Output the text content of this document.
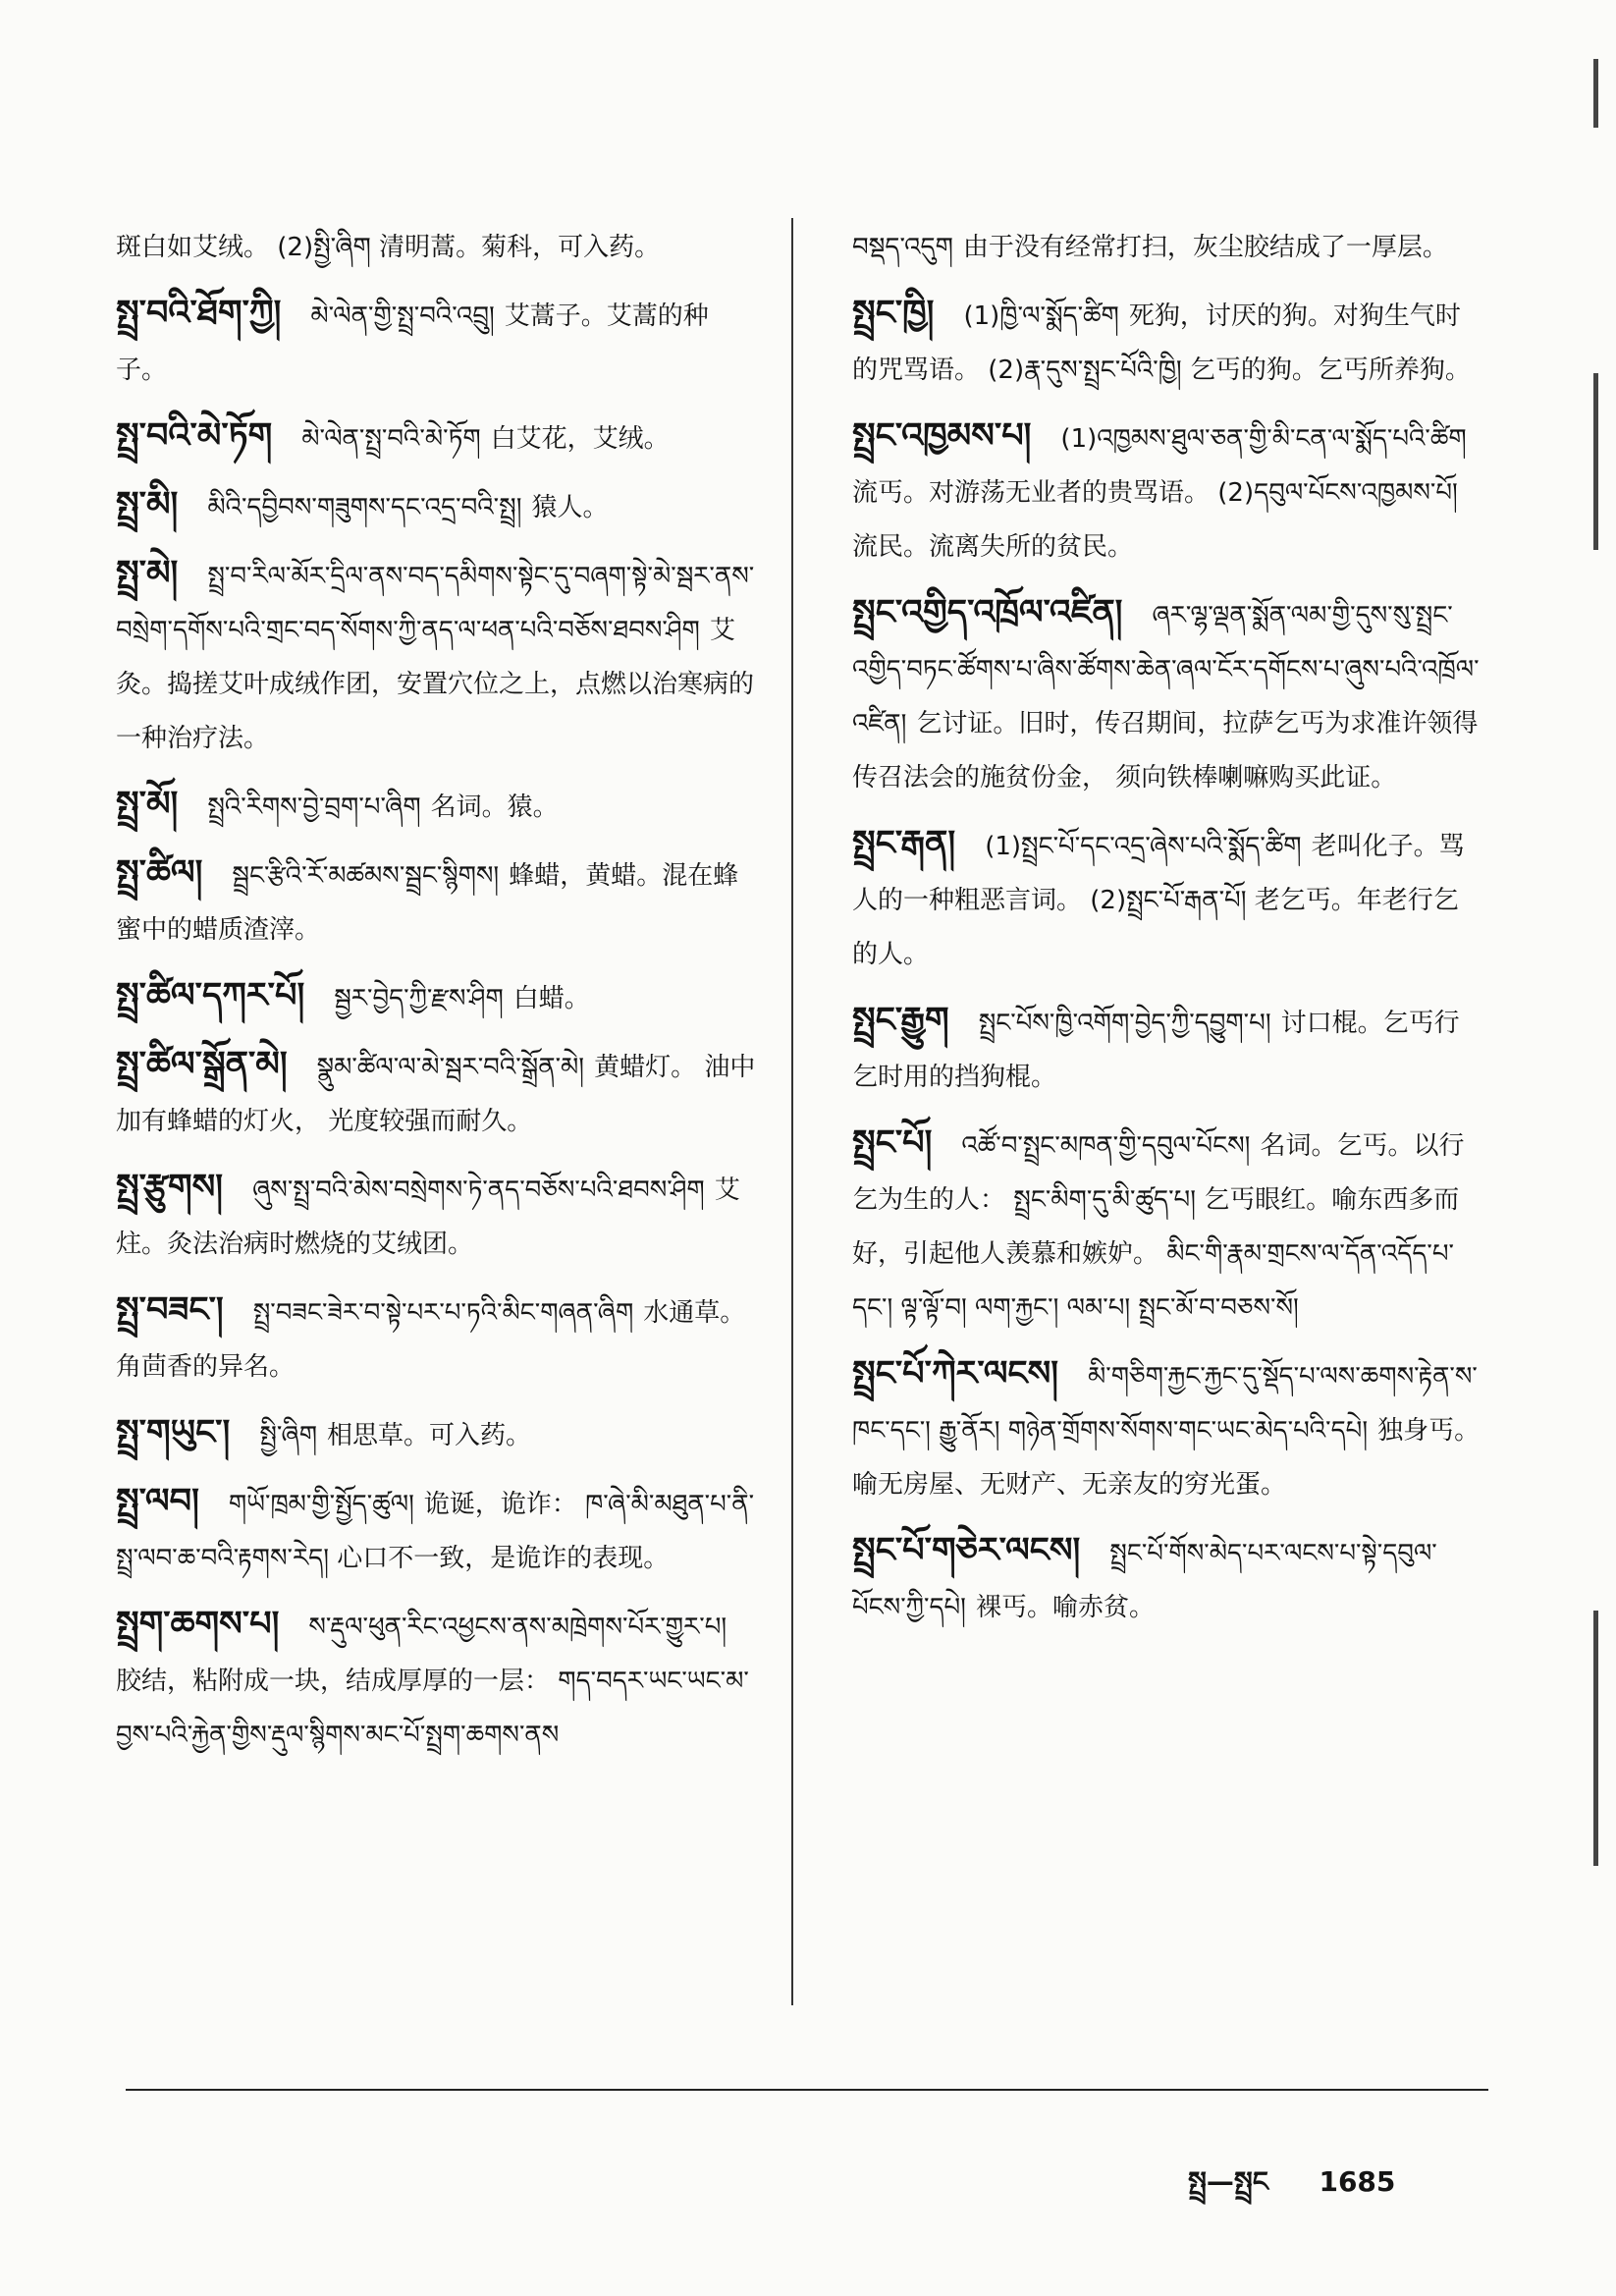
斑白如艾绒。 (2)སྤྱི་ཞིག 清明蒿。菊科，可入药。
སྤྲ་བའི་ཐོག་ཀྱི། མེ་ལེན་གྱི་སྤྲ་བའི་འབྲུ། 艾蒿子。艾蒿的种子。
སྤྲ་བའི་མེ་ཏོག མེ་ལེན་སྤྲ་བའི་མེ་ཏོག 白艾花，艾绒。
སྤྲ་མི། མིའི་དབྱིབས་གཟུགས་དང་འདྲ་བའི་སྤྲ། 猿人。
སྤྲ་མེ། སྤྲ་བ་རིལ་མོར་དྲིལ་ནས་བད་དམིགས་སྟེང་དུ་བཞག་སྟེ་མེ་སྦར་ནས་བསྲེག་དགོས་པའི་གྲང་བད་སོགས་ཀྱི་ནད་ལ་ཕན་པའི་བཅོས་ཐབས་ཤིག 艾灸。捣搓艾叶成绒作团，安置穴位之上，点燃以治寒病的一种治疗法。
སྤྲ་མོ། སྤྲའི་རིགས་བྱེ་བྲག་པ་ཞིག 名词。猿。
སྤྲ་ཚིལ། སྦྲང་རྩིའི་རོ་མཚམས་སྦྲང་སྙིགས། 蜂蜡，黄蜡。混在蜂蜜中的蜡质渣滓。
སྤྲ་ཚིལ་དཀར་པོ། སྦྱར་བྱེད་ཀྱི་རྫས་ཤིག 白蜡。
སྤྲ་ཚིལ་སྒྲོན་མེ། སྣུམ་ཚིལ་ལ་མེ་སྦར་བའི་སྒྲོན་མེ། 黄蜡灯。 油中加有蜂蜡的灯火， 光度较强而耐久。
སྤྲ་རྩུགས། ཞུས་སྤྲ་བའི་མེས་བསྲེགས་ཏེ་ནད་བཅོས་པའི་ཐབས་ཤིག 艾炷。灸法治病时燃烧的艾绒团。
སྤྲ་བཟང་། སྤྲ་བཟང་ཟེར་བ་སྟེ་པར་པ་ཏའི་མིང་གཞན་ཞིག 水通草。角茴香的异名。
སྤྲ་གཡུང་། སྤྱི་ཞིག 相思草。可入药。
སྤྲ་ལབ། གཡོ་ཁྲམ་གྱི་སྤྱོད་ཚུལ། 诡诞，诡诈： ཁ་ཞེ་མི་མཐུན་པ་ནི་སྤྲ་ལབ་ཆ་བའི་རྟགས་རེད། 心口不一致，是诡诈的表现。
སྤྲག་ཆགས་པ། ས་རྡུལ་ཕུན་རིང་འཕྱངས་ནས་མཁྲེགས་པོར་གྱུར་པ།胶结，粘附成一块，结成厚厚的一层： གད་བདར་ཡང་ཡང་མ་བྱས་པའི་རྐྱེན་གྱིས་རྡུལ་སྙིགས་མང་པོ་སྤྲག་ཆགས་ནས
བསྡད་འདུག 由于没有经常打扫，灰尘胶结成了一厚层。
སྤྲང་ཁྱི། (1)ཁྱི་ལ་སྨོད་ཚིག 死狗，讨厌的狗。对狗生气时的咒骂语。 (2)རྣ་དུས་སྤྲང་པོའི་ཁྱི། 乞丐的狗。乞丐所养狗。
སྤྲང་འཁྱམས་པ། (1)འཁྱམས་ཐུལ་ཅན་གྱི་མི་ངན་ལ་སྨོད་པའི་ཚིག流丐。对游荡无业者的贵骂语。 (2)དབུལ་པོངས་འཁྱམས་པོ། 流民。流离失所的贫民。
སྤྲང་འགྱིད་འཁྲོལ་འཛིན། ཞར་ལྷ་ལྡན་སྨོན་ལམ་གྱི་དུས་སུ་སྤྲང་འགྱིད་བཏང་ཚོགས་པ་ཞིས་ཚོགས་ཆེན་ཞལ་ངོར་དགོངས་པ་ཞུས་པའི་འཁྲོལ་འཛིན། 乞讨证。旧时，传召期间，拉萨乞丐为求准许领得传召法会的施贫份金， 须向铁棒喇嘛购买此证。
སྤྲང་རྒན། (1)སྤྲང་པོ་དང་འདྲ་ཞེས་པའི་སྨོད་ཚིག 老叫化子。骂人的一种粗恶言词。 (2)སྤྲང་པོ་རྒན་པོ། 老乞丐。年老行乞的人。
སྤྲང་རྒྱུག སྤྲང་པོས་ཁྱི་འགོག་བྱེད་ཀྱི་དབྱུག་པ། 讨口棍。乞丐行乞时用的挡狗棍。
སྤྲང་པོ། འཚོ་བ་སྤྲང་མཁན་གྱི་དབུལ་པོངས། 名词。乞丐。以行乞为生的人： སྤྲང་མིག་དུ་མི་ཚུད་པ། 乞丐眼红。喻东西多而好，引起他人羡慕和嫉妒。 མིང་གི་རྣམ་གྲངས་ལ་དོན་འདོད་པ་དང་། ལྟ་ལྟོ་བ། ལག་རྐྱང་། ལམ་པ། སྤྲང་མོ་བ་བཅས་སོ།
སྤྲང་པོ་ཀེར་ལངས། མི་གཅིག་རྐྱང་རྐྱང་དུ་སྡོད་པ་ལས་ཆགས་རྟེན་ས་ཁང་དང་། རྒྱུ་ནོར། གཉེན་གྲོགས་སོགས་གང་ཡང་མེད་པའི་དཔེ། 独身丐。喻无房屋、无财产、无亲友的穷光蛋。
སྤྲང་པོ་གཅེར་ལངས། སྤྲང་པོ་གོས་མེད་པར་ལངས་པ་སྟེ་དབུལ་པོངས་ཀྱི་དཔེ། 裸丐。喻赤贫。
སྤྲ—སྤྲང 1685
